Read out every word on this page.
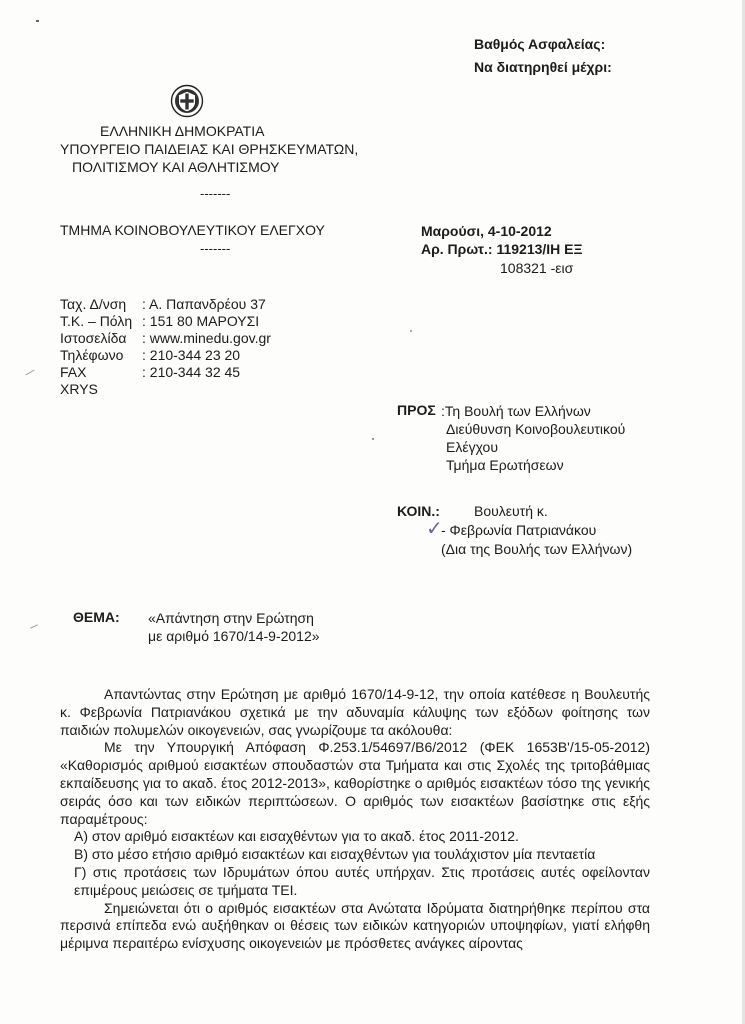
Βαθμός Ασφαλείας:
Να διατηρηθεί μέχρι:
ΕΛΛΗΝΙΚΗ ΔΗΜΟΚΡΑΤΙΑ
ΥΠΟΥΡΓΕΙΟ ΠΑΙΔΕΙΑΣ ΚΑΙ ΘΡΗΣΚΕΥΜΑΤΩΝ,
ΠΟΛΙΤΙΣΜΟΥ ΚΑΙ ΑΘΛΗΤΙΣΜΟΥ
-------
ΤΜΗΜΑ ΚΟΙΝΟΒΟΥΛΕΥΤΙΚΟΥ ΕΛΕΓΧΟΥ
-------
Μαρούσι, 4-10-2012
Αρ. Πρωτ.: 119213/ΙΗ ΕΞ
108321 -εισ
Ταχ. Δ/νση	: Α. Παπανδρέου 37
Τ.Κ. – Πόλη	: 151 80 ΜΑΡΟΥΣΙ
Ιστοσελίδα	: www.minedu.gov.gr
Τηλέφωνο	: 210-344 23 20
FAX	: 210-344 32 45
XRYS	
ΠΡΟΣ :Τη Βουλή των Ελλήνων
Διεύθυνση Κοινοβουλευτικού
Ελέγχου
Τμήμα Ερωτήσεων
ΚΟΙΝ.: Βουλευτή κ.
✓
- Φεβρωνία Πατριανάκου
(Δια της Βουλής των Ελλήνων)
ΘΕΜΑ: «Απάντηση στην Ερώτηση
με αριθμό 1670/14-9-2012»

Απαντώντας στην Ερώτηση με αριθμό 1670/14-9-12, την οποία κατέθεσε η Βουλευτής κ. Φεβρωνία Πατριανάκου σχετικά με την αδυναμία κάλυψης των εξόδων φοίτησης των παιδιών πολυμελών οικογενειών, σας γνωρίζουμε τα ακόλουθα:

Με την Υπουργική Απόφαση Φ.253.1/54697/Β6/2012 (ΦΕΚ 1653Β'/15-05-2012) «Καθορισμός αριθμού εισακτέων σπουδαστών στα Τμήματα και στις Σχολές της τριτοβάθμιας εκπαίδευσης για το ακαδ. έτος 2012-2013», καθορίστηκε ο αριθμός εισακτέων τόσο της γενικής σειράς όσο και των ειδικών περιπτώσεων. Ο αριθμός των εισακτέων βασίστηκε στις εξής παραμέτρους:

Α) στον αριθμό εισακτέων και εισαχθέντων για το ακαδ. έτος 2011-2012.

Β) στο μέσο ετήσιο αριθμό εισακτέων και εισαχθέντων για τουλάχιστον μία πενταετία

Γ) στις προτάσεις των Ιδρυμάτων όπου αυτές υπήρχαν. Στις προτάσεις αυτές οφείλονταν επιμέρους μειώσεις σε τμήματα ΤΕΙ.

Σημειώνεται ότι ο αριθμός εισακτέων στα Ανώτατα Ιδρύματα διατηρήθηκε περίπου στα περσινά επίπεδα ενώ αυξήθηκαν οι θέσεις των ειδικών κατηγοριών υποψηφίων, γιατί ελήφθη μέριμνα περαιτέρω ενίσχυσης οικογενειών με πρόσθετες ανάγκες αίροντας
